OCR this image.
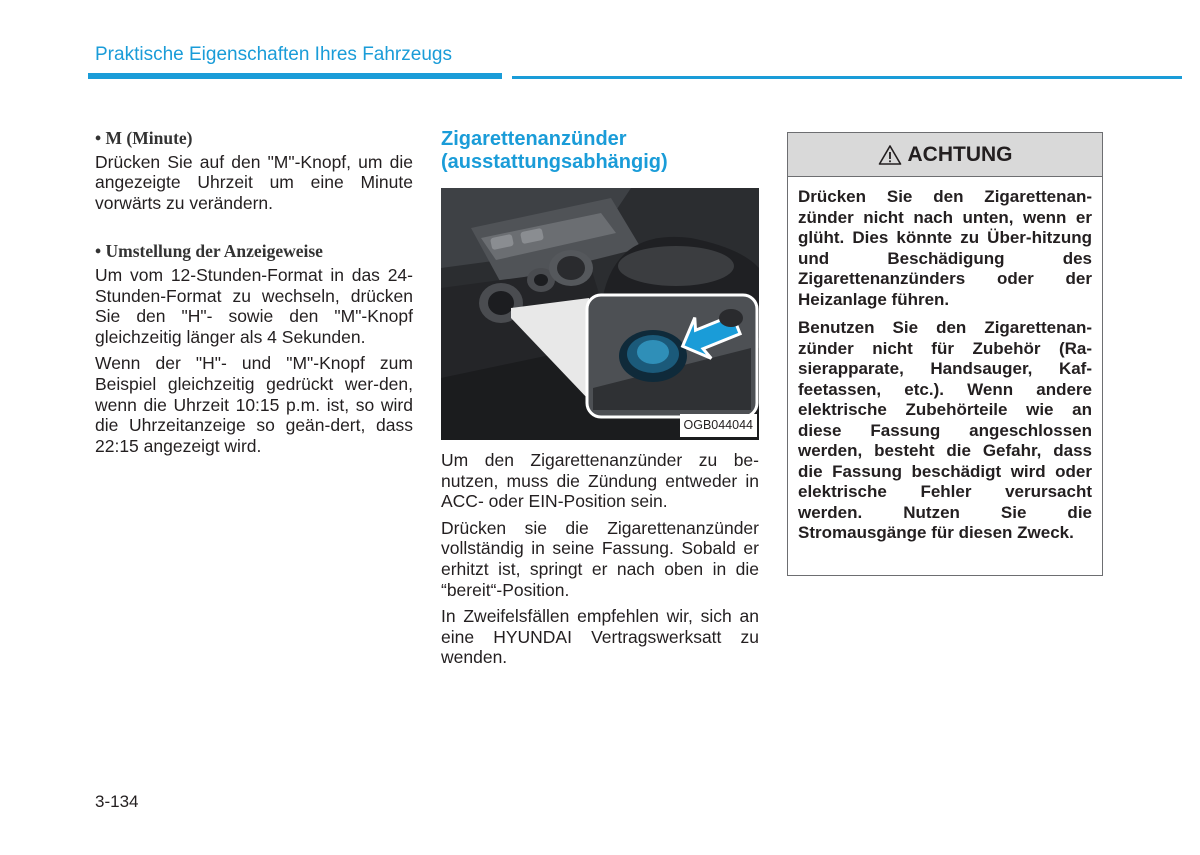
Praktische Eigenschaften Ihres Fahrzeugs
• M (Minute)

Drücken Sie auf den "M"-Knopf, um die angezeigte Uhrzeit um eine Minute vorwärts zu verändern.

• Umstellung der Anzeigeweise

Um vom 12-Stunden-Format in das 24-Stunden-Format zu wechseln, drücken Sie den "H"- sowie den "M"-Knopf gleichzeitig länger als 4 Sekunden.

Wenn der "H"- und "M"-Knopf zum Beispiel gleichzeitig gedrückt wer-den, wenn die Uhrzeit 10:15 p.m. ist, so wird die Uhrzeitanzeige so geän-dert, dass 22:15 angezeigt wird.

Zigarettenanzünder
(ausstattungsabhängig)
OGB044044

Um den Zigarettenanzünder zu be-nutzen, muss die Zündung entweder in ACC- oder EIN-Position sein.

Drücken sie die Zigarettenanzünder vollständig in seine Fassung. Sobald er erhitzt ist, springt er nach oben in die “bereit“-Position.

In Zweifelsfällen empfehlen wir, sich an eine HYUNDAI Vertragswerksatt zu wenden.

ACHTUNG

Drücken Sie den Zigarettenan-zünder nicht nach unten, wenn er glüht. Dies könnte zu Über-hitzung und Beschädigung des Zigarettenanzünders oder der Heizanlage führen.

Benutzen Sie den Zigarettenan-zünder nicht für Zubehör (Ra-sierapparate, Handsauger, Kaf-feetassen, etc.). Wenn andere elektrische Zubehörteile wie an diese Fassung angeschlossen werden, besteht die Gefahr, dass die Fassung beschädigt wird oder elektrische Fehler verursacht werden. Nutzen Sie die Stromausgänge für diesen Zweck.

3-134
